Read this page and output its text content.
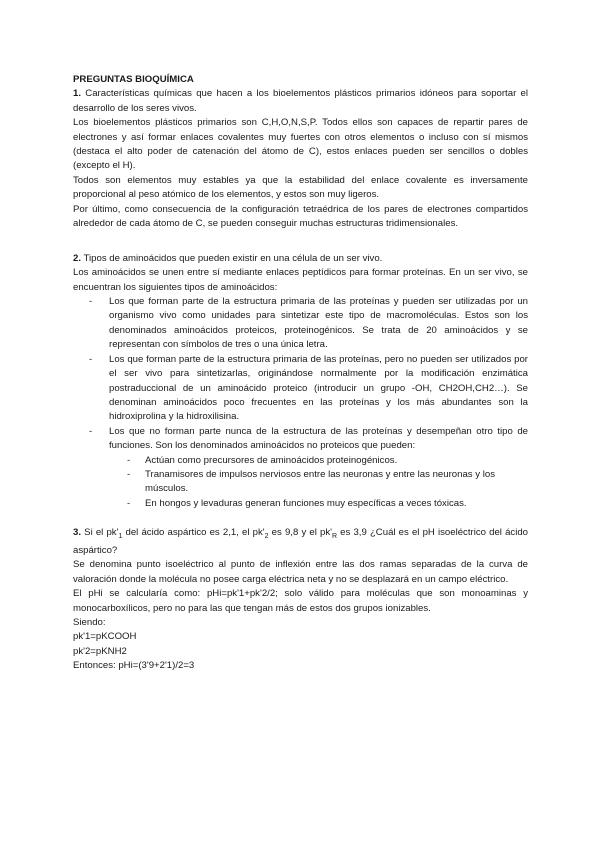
PREGUNTAS BIOQUÍMICA

1. Características químicas que hacen a los bioelementos plásticos primarios idóneos para soportar el desarrollo de los seres vivos.

Los bioelementos plásticos primarios son C,H,O,N,S,P. Todos ellos son capaces de repartir pares de electrones y así formar enlaces covalentes muy fuertes con otros elementos o incluso con sí mismos (destaca el alto poder de catenación del átomo de C), estos enlaces pueden ser sencillos o dobles (excepto el H).

Todos son elementos muy estables ya que la estabilidad del enlace covalente es inversamente proporcional al peso atómico de los elementos, y estos son muy ligeros.

Por último, como consecuencia de la configuración tetraédrica de los pares de electrones compartidos alrededor de cada átomo de C, se pueden conseguir muchas estructuras tridimensionales.

2. Tipos de aminoácidos que pueden existir en una célula de un ser vivo.

Los aminoácidos se unen entre sí mediante enlaces peptídicos para formar proteínas. En un ser vivo, se encuentran los siguientes tipos de aminoácidos:

- Los que forman parte de la estructura primaria de las proteínas y pueden ser utilizadas por un organismo vivo como unidades para sintetizar este tipo de macromoléculas. Estos son los denominados aminoácidos proteicos, proteinogénicos. Se trata de 20 aminoácidos y se representan con símbolos de tres o una única letra.
- Los que forman parte de la estructura primaria de las proteínas, pero no pueden ser utilizados por el ser vivo para sintetizarlas, originándose normalmente por la modificación enzimática postraduccional de un aminoácido proteico (introducir un grupo -OH, CH2OH,CH2…). Se denominan aminoácidos poco frecuentes en las proteínas y los más abundantes son la hidroxiprolina y la hidroxilisina.
- Los que no forman parte nunca de la estructura de las proteínas y desempeñan otro tipo de funciones. Son los denominados aminoácidos no proteicos que pueden:
- Actúan como precursores de aminoácidos proteinogénicos.
- Tranamisores de impulsos nerviosos entre las neuronas y entre las neuronas y los músculos.
- En hongos y levaduras generan funciones muy específicas a veces tóxicas.

3. Si el $pk'_1$ del ácido aspártico es 2,1, el $pk'_2$ es 9,8 y el $pk'_R$ es 3,9 ¿Cuál es el pH isoeléctrico del ácido aspártico?

Se denomina punto isoeléctrico al punto de inflexión entre las dos ramas separadas de la curva de valoración donde la molécula no posee carga eléctrica neta y no se desplazará en un campo eléctrico.

El pHi se calcularía como: pHi=pk'1+pk'2/2; solo válido para moléculas que son monoaminas y monocarboxílicos, pero no para las que tengan más de estos dos grupos ionizables.

Siendo:

pk'1=pKCOOH

pk'2=pKNH2

Entonces: pHi=(3'9+2'1)/2=3
